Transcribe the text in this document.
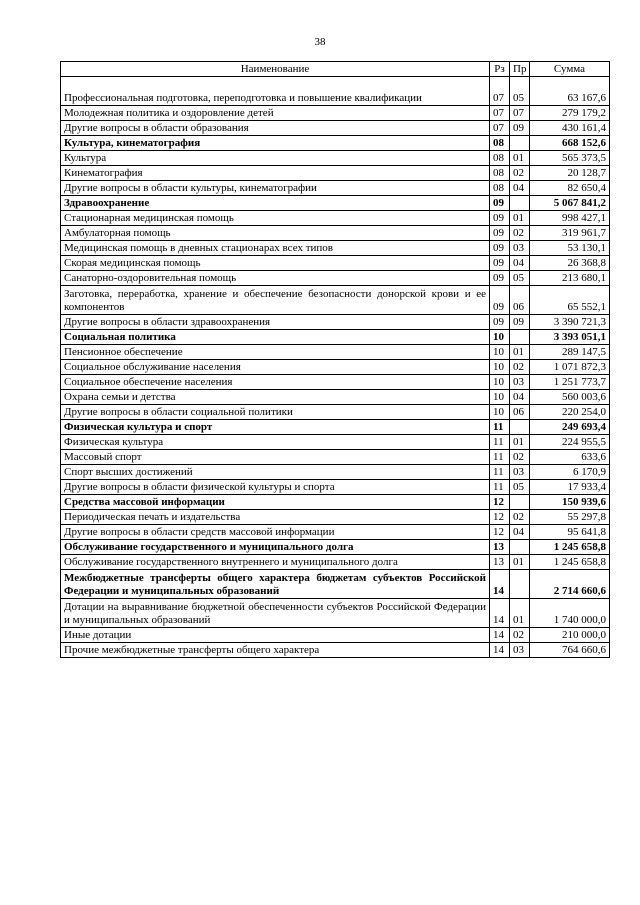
38
Наименование	Рз	Пр	Сумма
Профессиональная подготовка, переподготовка и повышение квалификации	07	05	63 167,6
Молодежная политика и оздоровление детей	07	07	279 179,2
Другие вопросы в области образования	07	09	430 161,4
Культура, кинематография	08		668 152,6
Культура	08	01	565 373,5
Кинематография	08	02	20 128,7
Другие вопросы в области культуры, кинематографии	08	04	82 650,4
Здравоохранение	09		5 067 841,2
Стационарная медицинская помощь	09	01	998 427,1
Амбулаторная помощь	09	02	319 961,7
Медицинская помощь в дневных стационарах всех типов	09	03	53 130,1
Скорая медицинская помощь	09	04	26 368,8
Санаторно-оздоровительная помощь	09	05	213 680,1
Заготовка, переработка, хранение и обеспечение безопасности донорской крови и ее компонентов	09	06	65 552,1
Другие вопросы в области здравоохранения	09	09	3 390 721,3
Социальная политика	10		3 393 051,1
Пенсионное обеспечение	10	01	289 147,5
Социальное обслуживание населения	10	02	1 071 872,3
Социальное обеспечение населения	10	03	1 251 773,7
Охрана семьи и детства	10	04	560 003,6
Другие вопросы в области социальной политики	10	06	220 254,0
Физическая культура и спорт	11		249 693,4
Физическая культура	11	01	224 955,5
Массовый спорт	11	02	633,6
Спорт высших достижений	11	03	6 170,9
Другие вопросы в области физической культуры и спорта	11	05	17 933,4
Средства массовой информации	12		150 939,6
Периодическая печать и издательства	12	02	55 297,8
Другие вопросы в области средств массовой информации	12	04	95 641,8
Обслуживание государственного и муниципального долга	13		1 245 658,8
Обслуживание государственного внутреннего и муниципального долга	13	01	1 245 658,8
Межбюджетные трансферты общего характера бюджетам субъектов Российской Федерации и муниципальных образований	14		2 714 660,6
Дотации на выравнивание бюджетной обеспеченности субъектов Российской Федерации и муниципальных образований	14	01	1 740 000,0
Иные дотации	14	02	210 000,0
Прочие межбюджетные трансферты общего характера	14	03	764 660,6
